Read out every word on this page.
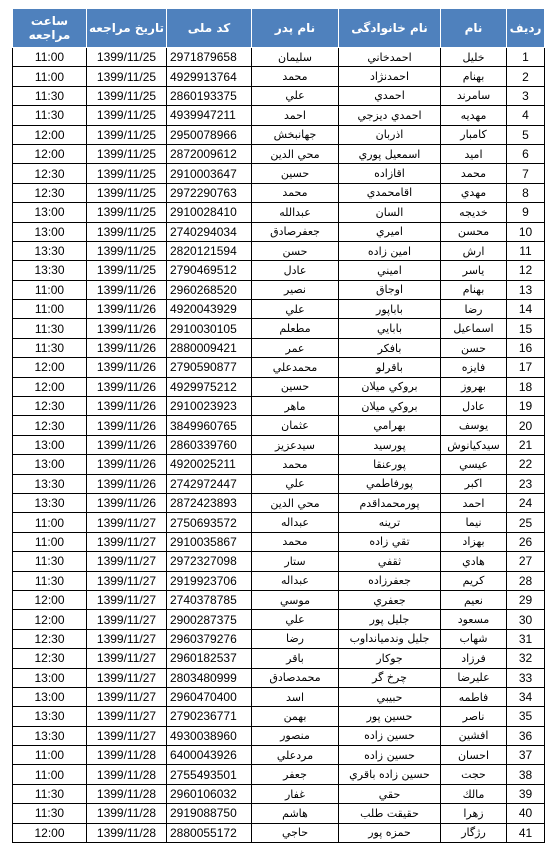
ساعت مراجعه	تاریخ مراجعه	کد ملی	نام پدر	نام خانوادگی	نام	ردیف
11:00	1399/11/25	2971879658	سليمان	احمدخاني	خليل	1
11:00	1399/11/25	4929913764	محمد	احمدنژاد	بهنام	2
11:30	1399/11/25	2860193375	علي	احمدي	سامرند	3
11:30	1399/11/25	4939947211	احمد	احمدي ديزجي	مهديه	4
12:00	1399/11/25	2950078966	جهانبخش	اذربان	كامبار	5
12:00	1399/11/25	2872009612	محي الدين	اسمعيل پوري	اميد	6
12:30	1399/11/25	2910003647	حسين	اقازاده	محمد	7
12:30	1399/11/25	2972290763	محمد	اقامحمدي	مهدي	8
13:00	1399/11/25	2910028410	عبدالله	السان	خديجه	9
13:00	1399/11/25	2740294034	جعفرصادق	اميري	محسن	10
13:30	1399/11/25	2820121594	حسن	امين زاده	ارش	11
13:30	1399/11/25	2790469512	عادل	اميني	ياسر	12
11:00	1399/11/26	2960268520	نصير	اوجاق	بهنام	13
11:00	1399/11/26	4920043929	علي	باباپور	رضا	14
11:30	1399/11/26	2910030105	مطعلم	بابايي	اسماعيل	15
11:30	1399/11/26	2880009421	عمر	بافكر	حسن	16
12:00	1399/11/26	2790590877	محمدعلي	باقرلو	فايزه	17
12:00	1399/11/26	4929975212	حسين	بروكي ميلان	بهروز	18
12:30	1399/11/26	2910023923	ماهر	بروكي ميلان	عادل	19
12:30	1399/11/26	3849960765	عثمان	بهرامي	يوسف	20
13:00	1399/11/26	2860339760	سيدعزيز	پورسيد	سيدكيانوش	21
13:00	1399/11/26	4920025211	محمد	پورعنقا	عيسي	22
13:30	1399/11/26	2742972447	علي	پورفاطمي	اكبر	23
13:30	1399/11/26	2872423893	محي الدين	پورمحمداقدم	احمد	24
11:00	1399/11/27	2750693572	عبداله	ترينه	نيما	25
11:00	1399/11/27	2910035867	محمد	تقي زاده	بهزاد	26
11:30	1399/11/27	2972327098	ستار	ثقفي	هادي	27
11:30	1399/11/27	2919923706	عبداله	جعفرزاده	كريم	28
12:00	1399/11/27	2740378785	موسي	جعفري	نعيم	29
12:00	1399/11/27	2900287375	علي	جليل پور	مسعود	30
12:30	1399/11/27	2960379276	رضا	جليل وندميانداوب	شهاب	31
12:30	1399/11/27	2960182537	باقر	جوكار	فرزاد	32
13:00	1399/11/27	2803480999	محمدصادق	چرخ گر	عليرضا	33
13:00	1399/11/27	2960470400	اسد	حبيبي	فاطمه	34
13:30	1399/11/27	2790236771	بهمن	حسين پور	ناصر	35
13:30	1399/11/27	4930038960	منصور	حسين زاده	افشين	36
11:00	1399/11/28	6400043926	مردعلي	حسين زاده	احسان	37
11:00	1399/11/28	2755493501	جعفر	حسين زاده باقري	حجت	38
11:30	1399/11/28	2960106032	غفار	حقي	مالك	39
11:30	1399/11/28	2919088750	هاشم	حقيقت طلب	زهرا	40
12:00	1399/11/28	2880055172	حاجي	حمزه پور	رژگار	41
